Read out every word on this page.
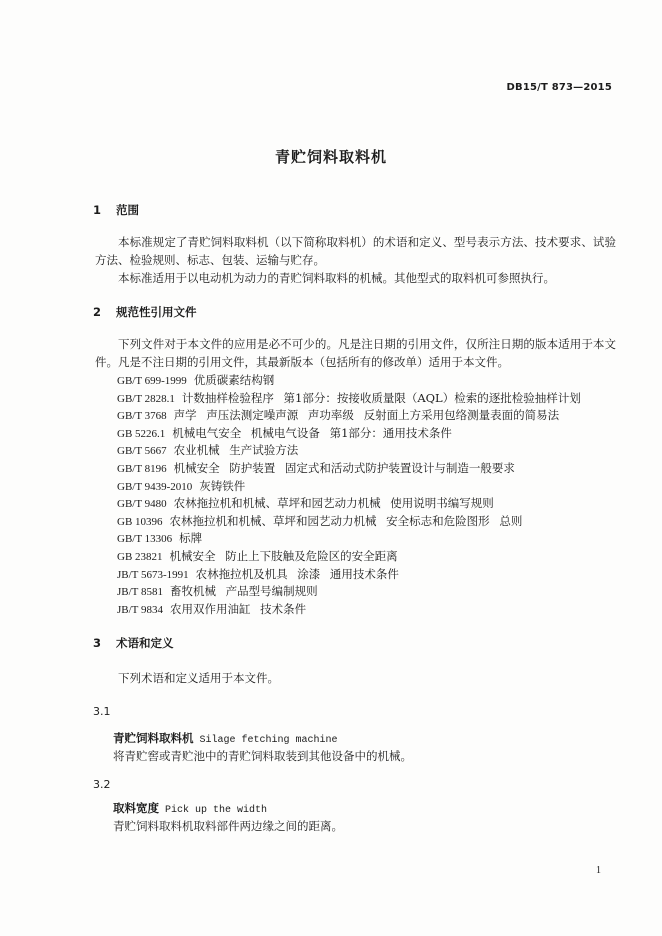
DB15/T 873—2015
青贮饲料取料机
1 范围

本标准规定了青贮饲料取料机（以下简称取料机）的术语和定义、型号表示方法、技术要求、试验方法、检验规则、标志、包装、运输与贮存。

本标准适用于以电动机为动力的青贮饲料取料的机械。其他型式的取料机可参照执行。

2 规范性引用文件

下列文件对于本文件的应用是必不可少的。凡是注日期的引用文件，仅所注日期的版本适用于本文件。凡是不注日期的引用文件，其最新版本（包括所有的修改单）适用于本文件。

GB/T 699-1999 优质碳素结构钢
GB/T 2828.1 计数抽样检验程序 第1部分：按接收质量限（AQL）检索的逐批检验抽样计划
GB/T 3768 声学 声压法测定噪声源 声功率级 反射面上方采用包络测量表面的简易法
GB 5226.1 机械电气安全 机械电气设备 第1部分：通用技术条件
GB/T 5667 农业机械 生产试验方法
GB/T 8196 机械安全 防护装置 固定式和活动式防护装置设计与制造一般要求
GB/T 9439-2010 灰铸铁件
GB/T 9480 农林拖拉机和机械、草坪和园艺动力机械 使用说明书编写规则
GB 10396 农林拖拉机和机械、草坪和园艺动力机械 安全标志和危险图形 总则
GB/T 13306 标牌
GB 23821 机械安全 防止上下肢触及危险区的安全距离
JB/T 5673-1991 农林拖拉机及机具 涂漆 通用技术条件
JB/T 8581 畜牧机械 产品型号编制规则
JB/T 9834 农用双作用油缸 技术条件
3 术语和定义

下列术语和定义适用于本文件。

3.1
青贮饲料取料机 Silage fetching machine
将青贮窖或青贮池中的青贮饲料取装到其他设备中的机械。
3.2
取料宽度 Pick up the width
青贮饲料取料机取料部件两边缘之间的距离。
1
